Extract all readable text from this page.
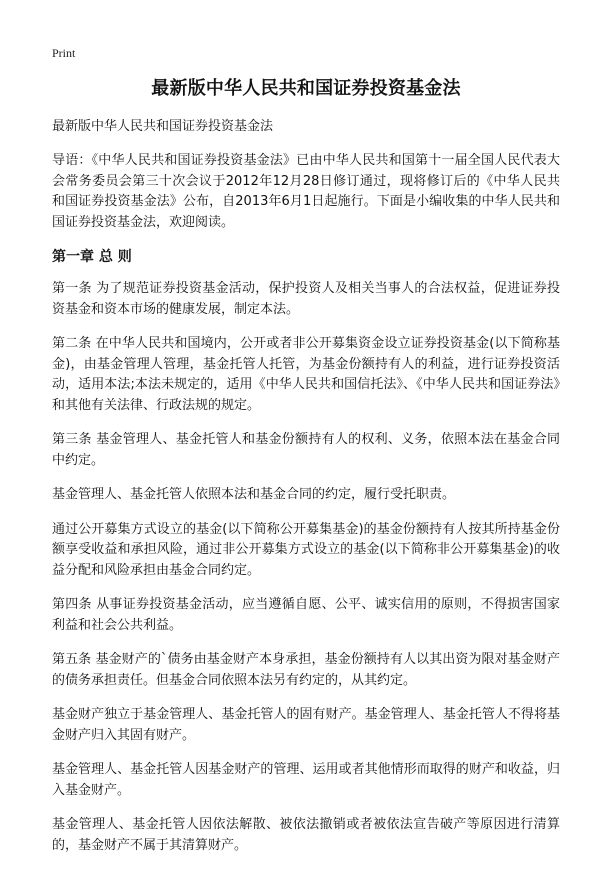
Print
最新版中华人民共和国证券投资基金法
最新版中华人民共和国证券投资基金法
导语：《中华人民共和国证券投资基金法》已由中华人民共和国第十一届全国人民代表大会常务委员会第三十次会议于2012年12月28日修订通过，现将修订后的《中华人民共和国证券投资基金法》公布，自2013年6月1日起施行。下面是小编收集的中华人民共和国证券投资基金法，欢迎阅读。
第一章 总 则
第一条 为了规范证券投资基金活动，保护投资人及相关当事人的合法权益，促进证券投资基金和资本市场的健康发展，制定本法。
第二条 在中华人民共和国境内，公开或者非公开募集资金设立证券投资基金(以下简称基金)，由基金管理人管理，基金托管人托管，为基金份额持有人的利益，进行证券投资活动，适用本法;本法未规定的，适用《中华人民共和国信托法》、《中华人民共和国证券法》和其他有关法律、行政法规的规定。
第三条 基金管理人、基金托管人和基金份额持有人的权利、义务，依照本法在基金合同中约定。
基金管理人、基金托管人依照本法和基金合同的约定，履行受托职责。
通过公开募集方式设立的基金(以下简称公开募集基金)的基金份额持有人按其所持基金份额享受收益和承担风险，通过非公开募集方式设立的基金(以下简称非公开募集基金)的收益分配和风险承担由基金合同约定。
第四条 从事证券投资基金活动，应当遵循自愿、公平、诚实信用的原则，不得损害国家利益和社会公共利益。
第五条 基金财产的`债务由基金财产本身承担，基金份额持有人以其出资为限对基金财产的债务承担责任。但基金合同依照本法另有约定的，从其约定。
基金财产独立于基金管理人、基金托管人的固有财产。基金管理人、基金托管人不得将基金财产归入其固有财产。
基金管理人、基金托管人因基金财产的管理、运用或者其他情形而取得的财产和收益，归入基金财产。
基金管理人、基金托管人因依法解散、被依法撤销或者被依法宣告破产等原因进行清算的，基金财产不属于其清算财产。
